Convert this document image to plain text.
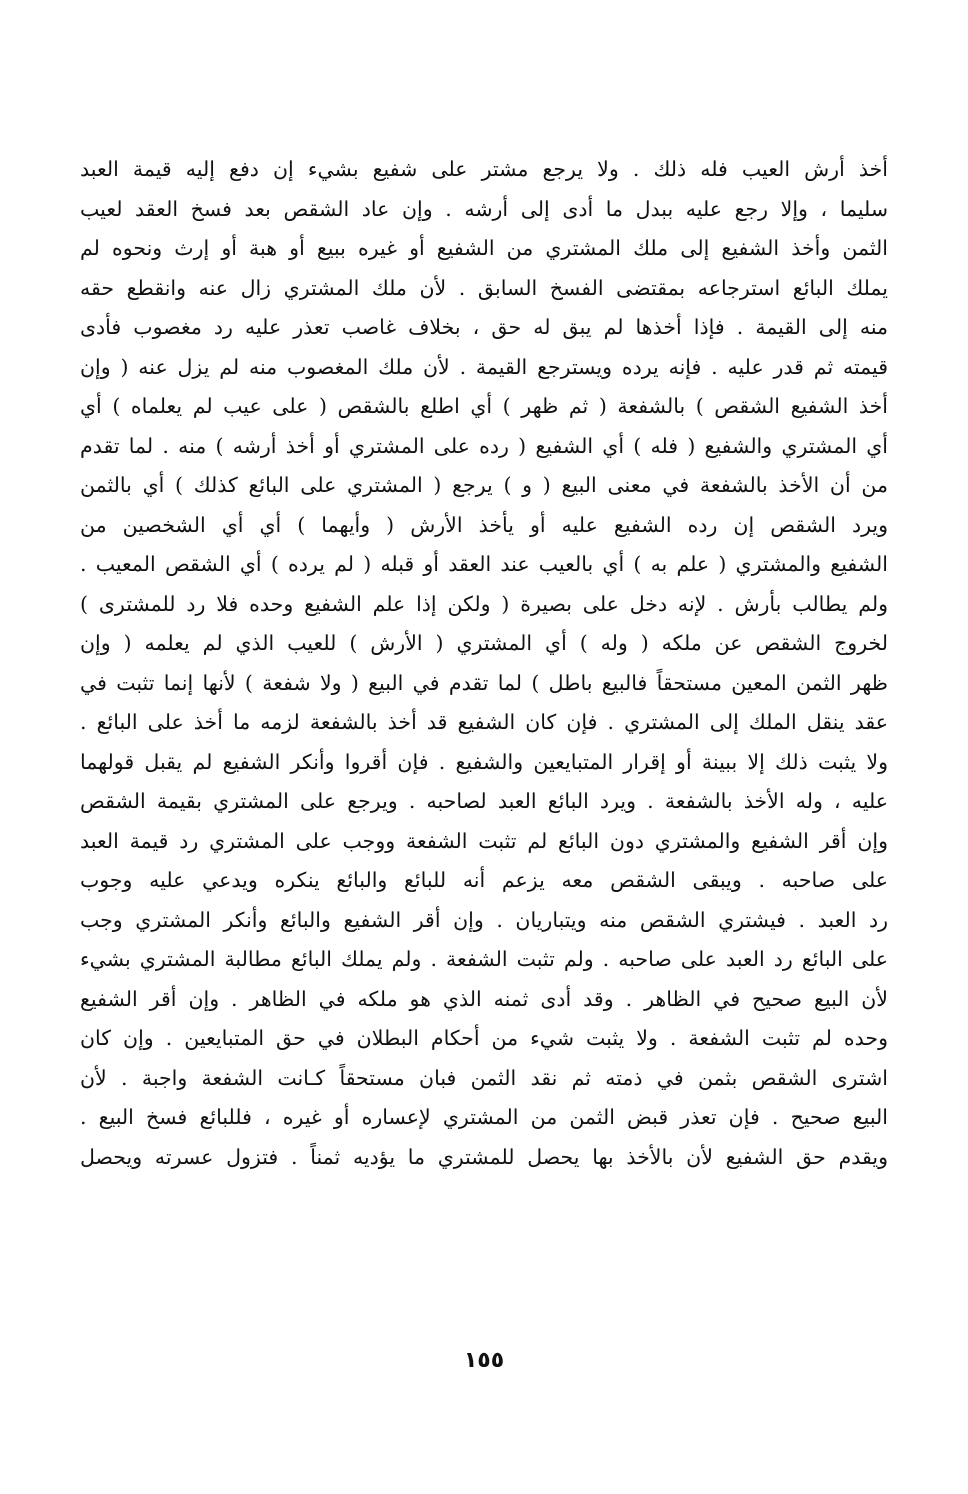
أخذ أرش العيب فله ذلك . ولا يرجع مشتر على شفيع بشيء إن دفع إليه قيمة العبد
سليما ، وإلا رجع عليه ببدل ما أدى إلى أرشه . وإن عاد الشقص بعد فسخ العقد لعيب
الثمن وأخذ الشفيع إلى ملك المشتري من الشفيع أو غيره ببيع أو هبة أو إرث ونحوه لم
يملك البائع استرجاعه بمقتضى الفسخ السابق . لأن ملك المشتري زال عنه وانقطع حقه
منه إلى القيمة . فإذا أخذها لم يبق له حق ، بخلاف غاصب تعذر عليه رد مغصوب فأدى
قيمته ثم قدر عليه . فإنه يرده ويسترجع القيمة . لأن ملك المغصوب منه لم يزل عنه ( وإن
أخذ الشفيع الشقص ) بالشفعة ( ثم ظهر ) أي اطلع بالشقص ( على عيب لم يعلماه ) أي
أي المشتري والشفيع ( فله ) أي الشفيع ( رده على المشتري أو أخذ أرشه ) منه . لما تقدم
من أن الأخذ بالشفعة في معنى البيع ( و ) يرجع ( المشتري على البائع كذلك ) أي بالثمن
ويرد الشقص إن رده الشفيع عليه أو يأخذ الأرش ( وأيهما ) أي أي الشخصين من
الشفيع والمشتري ( علم به ) أي بالعيب عند العقد أو قبله ( لم يرده ) أي الشقص المعيب .
ولم يطالب بأرش . لإنه دخل على بصيرة ( ولكن إذا علم الشفيع وحده فلا رد للمشترى )
لخروج الشقص عن ملكه ( وله ) أي المشتري ( الأرش ) للعيب الذي لم يعلمه ( وإن
ظهر الثمن المعين مستحقاً فالبيع باطل ) لما تقدم في البيع ( ولا شفعة ) لأنها إنما تثبت في
عقد ينقل الملك إلى المشتري . فإن كان الشفيع قد أخذ بالشفعة لزمه ما أخذ على البائع .
ولا يثبت ذلك إلا ببينة أو إقرار المتبايعين والشفيع . فإن أقروا وأنكر الشفيع لم يقبل قولهما
عليه ، وله الأخذ بالشفعة . ويرد البائع العبد لصاحبه . ويرجع على المشتري بقيمة الشقص
وإن أقر الشفيع والمشتري دون البائع لم تثبت الشفعة ووجب على المشتري رد قيمة العبد
على صاحبه . ويبقى الشقص معه يزعم أنه للبائع والبائع ينكره ويدعي عليه وجوب
رد العبد . فيشتري الشقص منه ويتباريان . وإن أقر الشفيع والبائع وأنكر المشتري وجب
على البائع رد العبد على صاحبه . ولم تثبت الشفعة . ولم يملك البائع مطالبة المشتري بشيء
لأن البيع صحيح في الظاهر . وقد أدى ثمنه الذي هو ملكه في الظاهر . وإن أقر الشفيع
وحده لم تثبت الشفعة . ولا يثبت شيء من أحكام البطلان في حق المتبايعين . وإن كان
اشترى الشقص بثمن في ذمته ثم نقد الثمن فبان مستحقاً كـانت الشفعة واجبة . لأن
البيع صحيح . فإن تعذر قبض الثمن من المشتري لإعساره أو غيره ، فللبائع فسخ البيع .
ويقدم حق الشفيع لأن بالأخذ بها يحصل للمشتري ما يؤديه ثمناً . فتزول عسرته ويحصل
١٥٥
